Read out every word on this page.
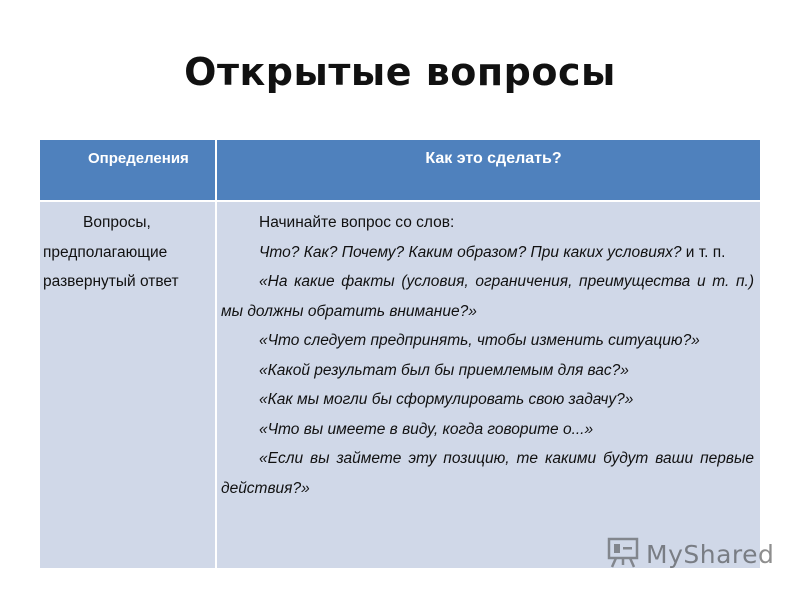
Открытые вопросы
Определения	Как это сделать?
Вопросы,
предполагающие
развернутый ответ

Начинайте вопрос со слов:

Что? Как? Почему? Каким образом? При каких условиях? и т. п.

«На какие факты (условия, ограничения, преимущества и т. п.) мы должны обратить внимание?»

«Что следует предпринять, чтобы изменить ситуацию?»

«Какой результат был бы приемлемым для вас?»

«Как мы могли бы сформулировать свою задачу?»

«Что вы имеете в виду, когда говорите о...»

«Если вы займете эту позицию, те какими будут ваши первые действия?»

MyShared
